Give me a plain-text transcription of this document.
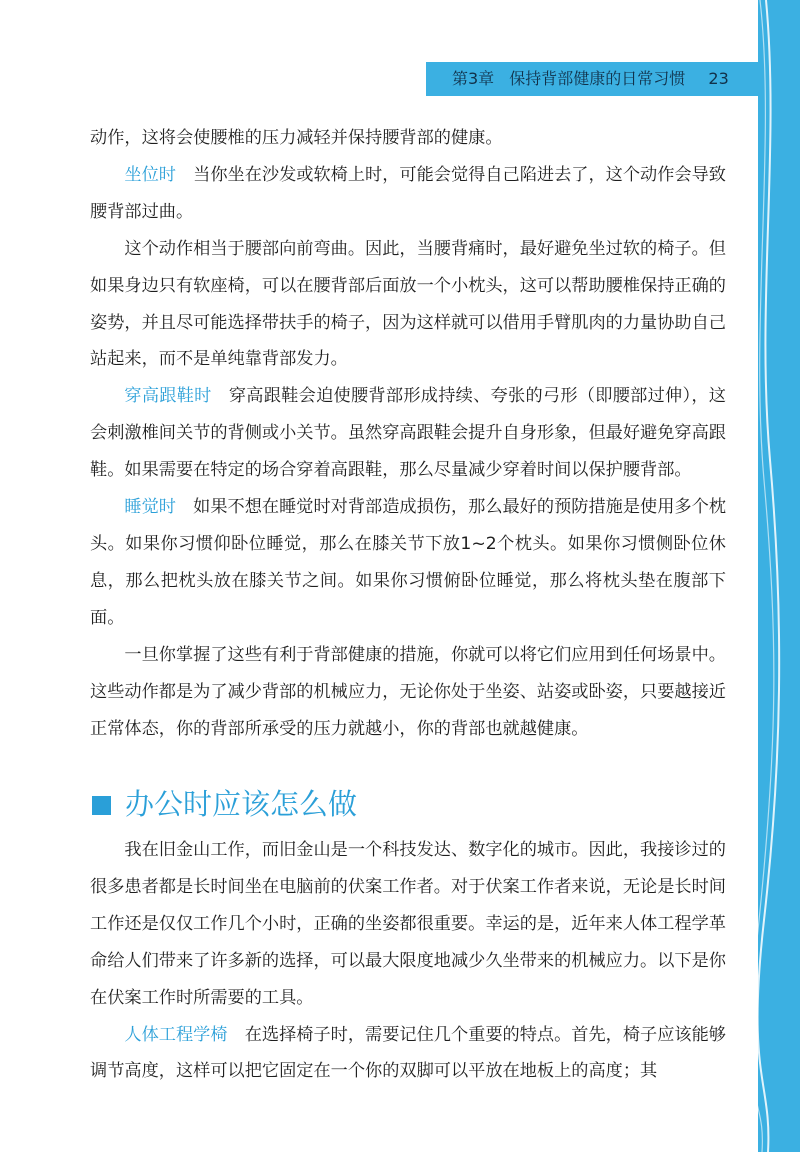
第3章 保持背部健康的日常习惯 23

动作，这将会使腰椎的压力减轻并保持腰背部的健康。

坐位时 当你坐在沙发或软椅上时，可能会觉得自己陷进去了，这个动作会导致腰背部过曲。

这个动作相当于腰部向前弯曲。因此，当腰背痛时，最好避免坐过软的椅子。但如果身边只有软座椅，可以在腰背部后面放一个小枕头，这可以帮助腰椎保持正确的姿势，并且尽可能选择带扶手的椅子，因为这样就可以借用手臂肌肉的力量协助自己站起来，而不是单纯靠背部发力。

穿高跟鞋时 穿高跟鞋会迫使腰背部形成持续、夸张的弓形（即腰部过伸），这会刺激椎间关节的背侧或小关节。虽然穿高跟鞋会提升自身形象，但最好避免穿高跟鞋。如果需要在特定的场合穿着高跟鞋，那么尽量减少穿着时间以保护腰背部。

睡觉时 如果不想在睡觉时对背部造成损伤，那么最好的预防措施是使用多个枕头。如果你习惯仰卧位睡觉，那么在膝关节下放1~2个枕头。如果你习惯侧卧位休息，那么把枕头放在膝关节之间。如果你习惯俯卧位睡觉，那么将枕头垫在腹部下面。

一旦你掌握了这些有利于背部健康的措施，你就可以将它们应用到任何场景中。这些动作都是为了减少背部的机械应力，无论你处于坐姿、站姿或卧姿，只要越接近正常体态，你的背部所承受的压力就越小，你的背部也就越健康。

办公时应该怎么做

我在旧金山工作，而旧金山是一个科技发达、数字化的城市。因此，我接诊过的很多患者都是长时间坐在电脑前的伏案工作者。对于伏案工作者来说，无论是长时间工作还是仅仅工作几个小时，正确的坐姿都很重要。幸运的是，近年来人体工程学革命给人们带来了许多新的选择，可以最大限度地减少久坐带来的机械应力。以下是你在伏案工作时所需要的工具。

人体工程学椅 在选择椅子时，需要记住几个重要的特点。首先，椅子应该能够调节高度，这样可以把它固定在一个你的双脚可以平放在地板上的高度；其
